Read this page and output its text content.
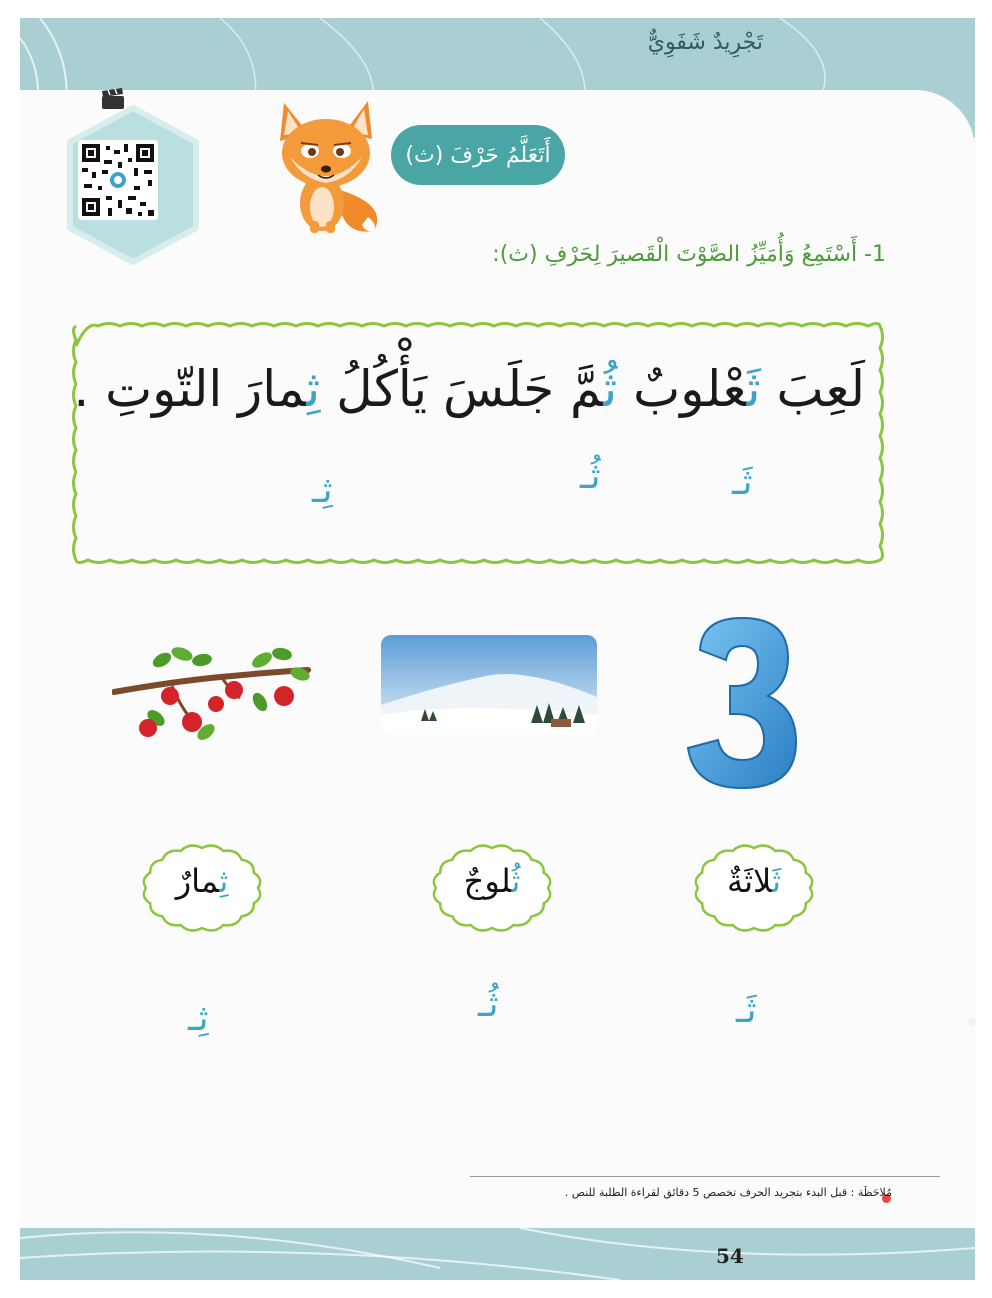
تَجْرِيدٌ شَفَوِيٌّ
54
أَتَعَلَّمُ حَرْفَ (ث)
1- أَسْتَمِعُ وَأُمَيِّزُ الصَّوْتَ الْقَصيرَ لِحَرْفِ (ث):
لَعِبَ ثَعْلوبٌ ثُمَّ جَلَسَ يَأْكُلُ ثِمارَ التّوتِ .
ثَـ
ثُـ
ثِـ
3
ثَلاثَةٌ
ثُلوجٌ
ثِمارٌ
ثَـ
ثُـ
ثِـ
مُلاحَظَة : قبل البدء بتجريد الحرف تخصص 5 دقائق لقراءة الطلبة للنص .
